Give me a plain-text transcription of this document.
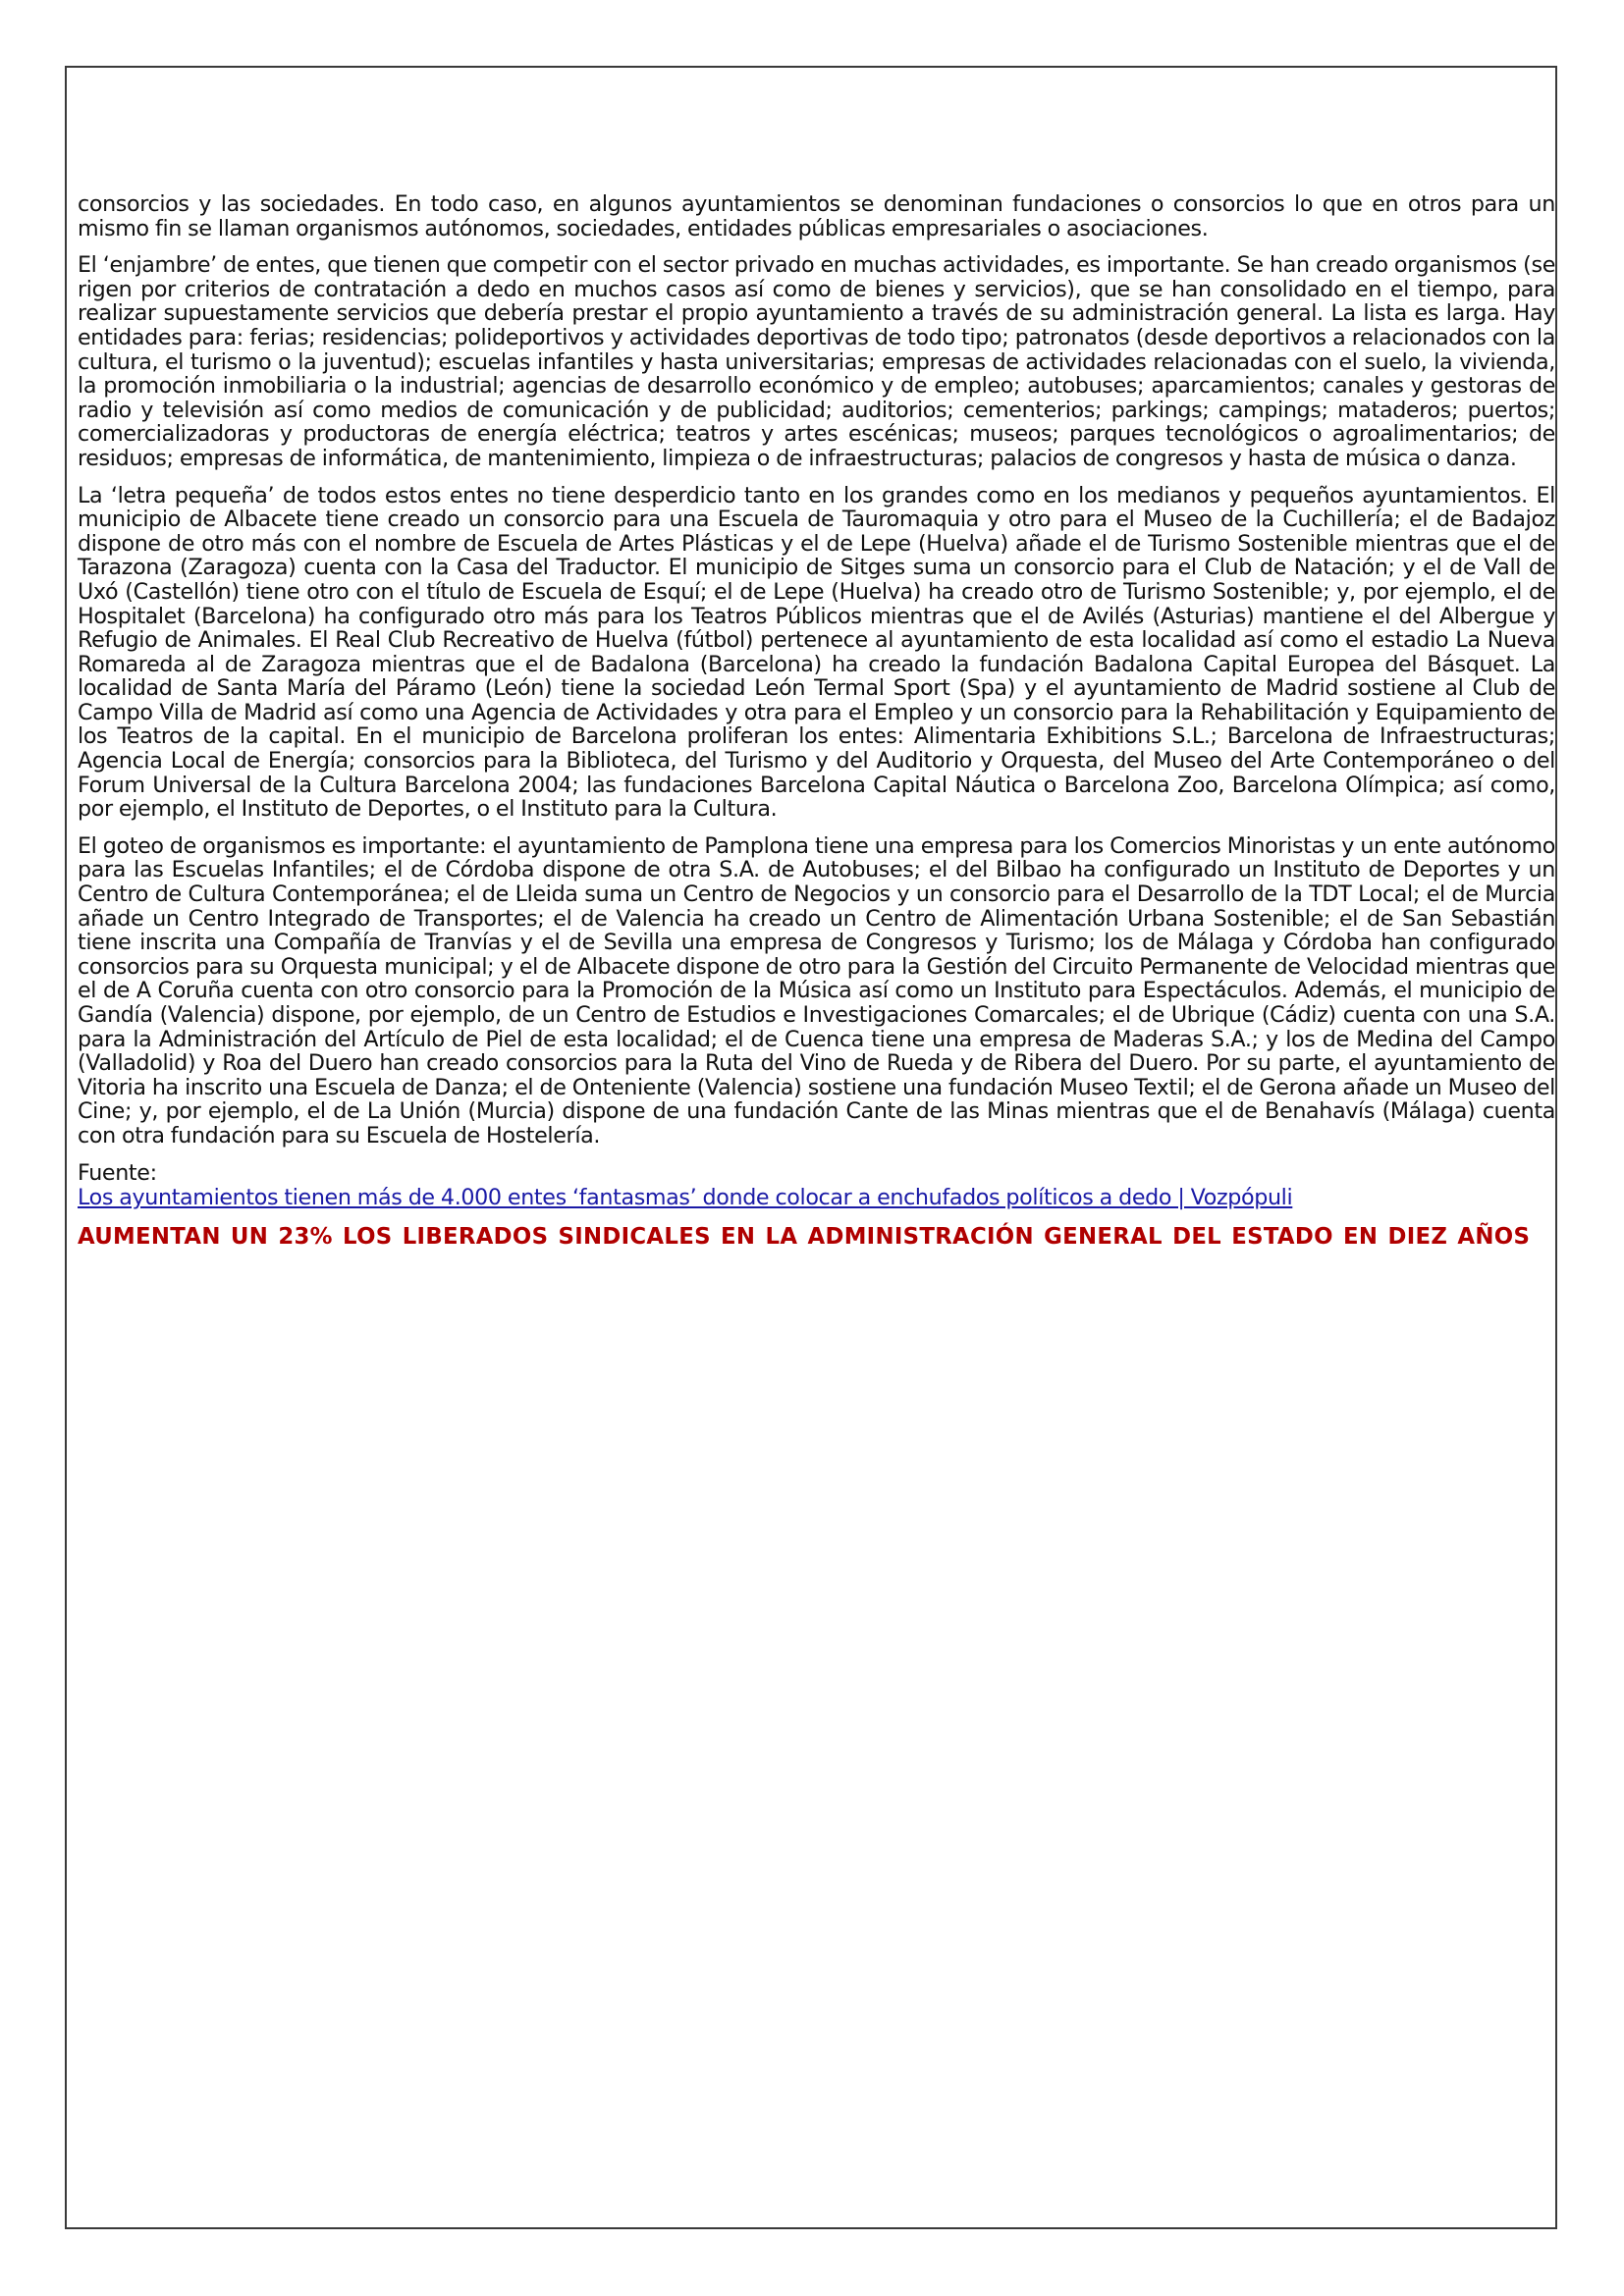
consorcios y las sociedades. En todo caso, en algunos ayuntamientos se denominan fundaciones o consorcios lo que en otros para un mismo fin se llaman organismos autónomos, sociedades, entidades públicas empresariales o asociaciones.

El ‘enjambre’ de entes, que tienen que competir con el sector privado en muchas actividades, es importante. Se han creado organismos (se rigen por criterios de contratación a dedo en muchos casos así como de bienes y servicios), que se han consolidado en el tiempo, para realizar supuestamente servicios que debería prestar el propio ayuntamiento a través de su administración general. La lista es larga. Hay entidades para: ferias; residencias; polideportivos y actividades deportivas de todo tipo; patronatos (desde deportivos a relacionados con la cultura, el turismo o la juventud); escuelas infantiles y hasta universitarias; empresas de actividades relacionadas con el suelo, la vivienda, la promoción inmobiliaria o la industrial; agencias de desarrollo económico y de empleo; autobuses; aparcamientos; canales y gestoras de radio y televisión así como medios de comunicación y de publicidad; auditorios; cementerios; parkings; campings; mataderos; puertos; comercializadoras y productoras de energía eléctrica; teatros y artes escénicas; museos; parques tecnológicos o agroalimentarios; de residuos; empresas de informática, de mantenimiento, limpieza o de infraestructuras; palacios de congresos y hasta de música o danza.

La ‘letra pequeña’ de todos estos entes no tiene desperdicio tanto en los grandes como en los medianos y pequeños ayuntamientos. El municipio de Albacete tiene creado un consorcio para una Escuela de Tauromaquia y otro para el Museo de la Cuchillería; el de Badajoz dispone de otro más con el nombre de Escuela de Artes Plásticas y el de Lepe (Huelva) añade el de Turismo Sostenible mientras que el de Tarazona (Zaragoza) cuenta con la Casa del Traductor. El municipio de Sitges suma un consorcio para el Club de Natación; y el de Vall de Uxó (Castellón) tiene otro con el título de Escuela de Esquí; el de Lepe (Huelva) ha creado otro de Turismo Sostenible; y, por ejemplo, el de Hospitalet (Barcelona) ha configurado otro más para los Teatros Públicos mientras que el de Avilés (Asturias) mantiene el del Albergue y Refugio de Animales. El Real Club Recreativo de Huelva (fútbol) pertenece al ayuntamiento de esta localidad así como el estadio La Nueva Romareda al de Zaragoza mientras que el de Badalona (Barcelona) ha creado la fundación Badalona Capital Europea del Básquet. La localidad de Santa María del Páramo (León) tiene la sociedad León Termal Sport (Spa) y el ayuntamiento de Madrid sostiene al Club de Campo Villa de Madrid así como una Agencia de Actividades y otra para el Empleo y un consorcio para la Rehabilitación y Equipamiento de los Teatros de la capital. En el municipio de Barcelona proliferan los entes: Alimentaria Exhibitions S.L.; Barcelona de Infraestructuras; Agencia Local de Energía; consorcios para la Biblioteca, del Turismo y del Auditorio y Orquesta, del Museo del Arte Contemporáneo o del Forum Universal de la Cultura Barcelona 2004; las fundaciones Barcelona Capital Náutica o Barcelona Zoo, Barcelona Olímpica; así como, por ejemplo, el Instituto de Deportes, o el Instituto para la Cultura.

El goteo de organismos es importante: el ayuntamiento de Pamplona tiene una empresa para los Comercios Minoristas y un ente autónomo para las Escuelas Infantiles; el de Córdoba dispone de otra S.A. de Autobuses; el del Bilbao ha configurado un Instituto de Deportes y un Centro de Cultura Contemporánea; el de Lleida suma un Centro de Negocios y un consorcio para el Desarrollo de la TDT Local; el de Murcia añade un Centro Integrado de Transportes; el de Valencia ha creado un Centro de Alimentación Urbana Sostenible; el de San Sebastián tiene inscrita una Compañía de Tranvías y el de Sevilla una empresa de Congresos y Turismo; los de Málaga y Córdoba han configurado consorcios para su Orquesta municipal; y el de Albacete dispone de otro para la Gestión del Circuito Permanente de Velocidad mientras que el de A Coruña cuenta con otro consorcio para la Promoción de la Música así como un Instituto para Espectáculos. Además, el municipio de Gandía (Valencia) dispone, por ejemplo, de un Centro de Estudios e Investigaciones Comarcales; el de Ubrique (Cádiz) cuenta con una S.A. para la Administración del Artículo de Piel de esta localidad; el de Cuenca tiene una empresa de Maderas S.A.; y los de Medina del Campo (Valladolid) y Roa del Duero han creado consorcios para la Ruta del Vino de Rueda y de Ribera del Duero. Por su parte, el ayuntamiento de Vitoria ha inscrito una Escuela de Danza; el de Onteniente (Valencia) sostiene una fundación Museo Textil; el de Gerona añade un Museo del Cine; y, por ejemplo, el de La Unión (Murcia) dispone de una fundación Cante de las Minas mientras que el de Benahavís (Málaga) cuenta con otra fundación para su Escuela de Hostelería.

Fuente:
Los ayuntamientos tienen más de 4.000 entes ‘fantasmas’ donde colocar a enchufados políticos a dedo | Vozpópuli
AUMENTAN UN 23% LOS LIBERADOS SINDICALES EN LA ADMINISTRACIÓN GENERAL DEL ESTADO EN DIEZ AÑOS
